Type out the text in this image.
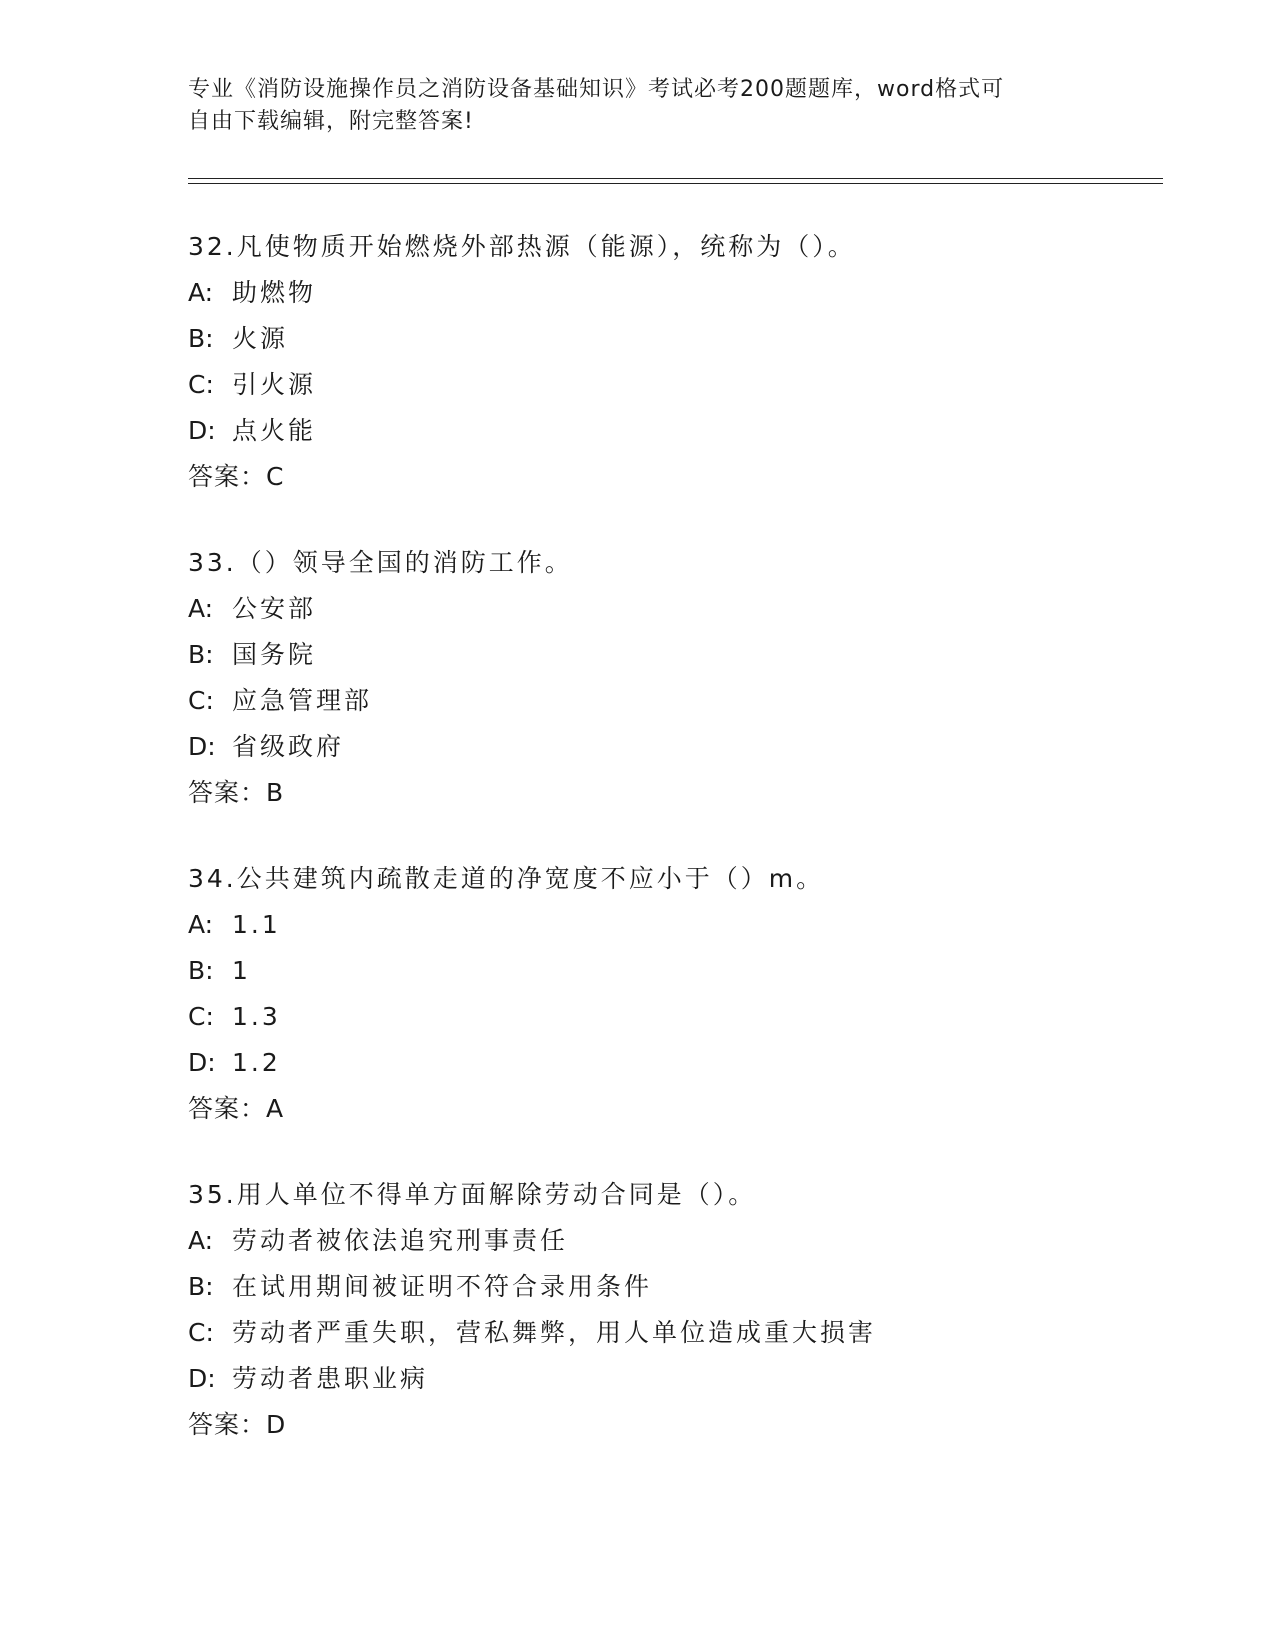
专业《消防设施操作员之消防设备基础知识》考试必考200题题库，word格式可
自由下载编辑，附完整答案!
32.凡使物质开始燃烧外部热源（能源），统称为（）。
A: 助燃物
B: 火源
C: 引火源
D: 点火能
答案：C
33.（）领导全国的消防工作。
A: 公安部
B: 国务院
C: 应急管理部
D: 省级政府
答案：B
34.公共建筑内疏散走道的净宽度不应小于（）m。
A: 1.1
B: 1
C: 1.3
D: 1.2
答案：A
35.用人单位不得单方面解除劳动合同是（）。
A: 劳动者被依法追究刑事责任
B: 在试用期间被证明不符合录用条件
C: 劳动者严重失职，营私舞弊，用人单位造成重大损害
D: 劳动者患职业病
答案：D
